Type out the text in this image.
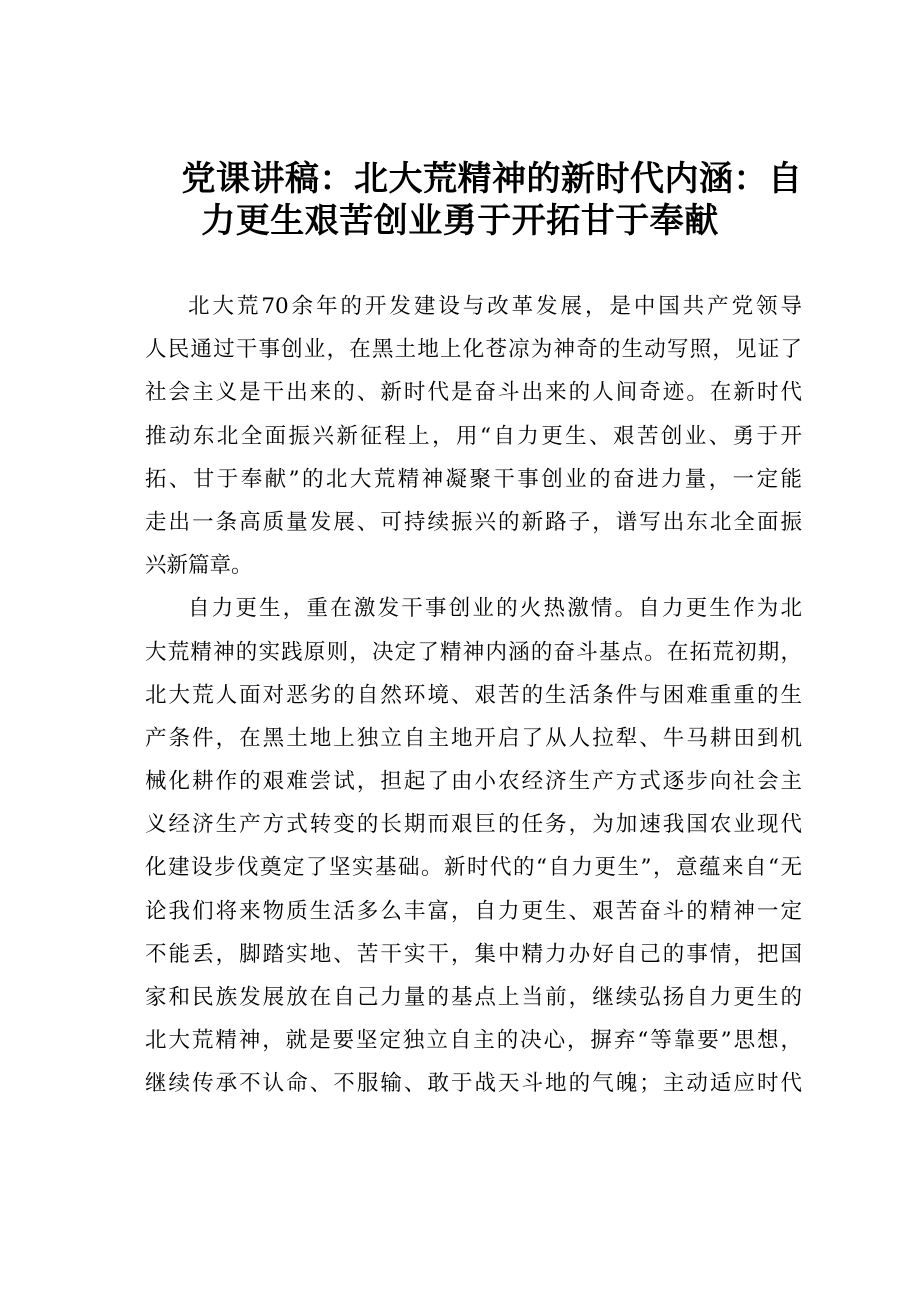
党课讲稿：北大荒精神的新时代内涵：自
力更生艰苦创业勇于开拓甘于奉献
北大荒70余年的开发建设与改革发展，是中国共产党领导
人民通过干事创业，在黑土地上化苍凉为神奇的生动写照，见证了
社会主义是干出来的、新时代是奋斗出来的人间奇迹。在新时代
推动东北全面振兴新征程上，用“自力更生、艰苦创业、勇于开
拓、甘于奉献”的北大荒精神凝聚干事创业的奋进力量，一定能
走出一条高质量发展、可持续振兴的新路子，谱写出东北全面振
兴新篇章。
自力更生，重在激发干事创业的火热激情。自力更生作为北
大荒精神的实践原则，决定了精神内涵的奋斗基点。在拓荒初期，
北大荒人面对恶劣的自然环境、艰苦的生活条件与困难重重的生
产条件，在黑土地上独立自主地开启了从人拉犁、牛马耕田到机
械化耕作的艰难尝试，担起了由小农经济生产方式逐步向社会主
义经济生产方式转变的长期而艰巨的任务，为加速我国农业现代
化建设步伐奠定了坚实基础。新时代的“自力更生”，意蕴来自“无
论我们将来物质生活多么丰富，自力更生、艰苦奋斗的精神一定
不能丢，脚踏实地、苦干实干，集中精力办好自己的事情，把国
家和民族发展放在自己力量的基点上当前，继续弘扬自力更生的
北大荒精神，就是要坚定独立自主的决心，摒弃“等靠要”思想，
继续传承不认命、不服输、敢于战天斗地的气魄；主动适应时代
